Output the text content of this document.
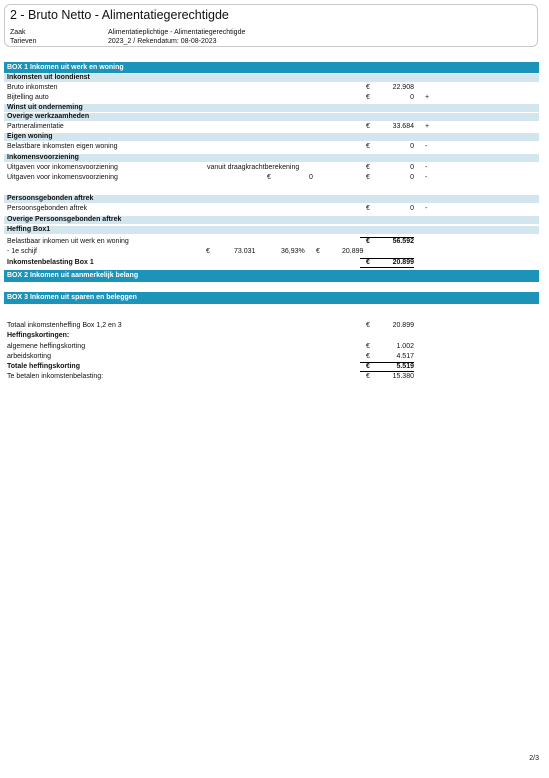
2 - Bruto Netto - Alimentatiegerechtigde
Zaak	Alimentatieplichtige - Alimentatiegerechtigde
Tarieven	2023_2 / Rekendatum: 08-08-2023
BOX 1 Inkomen uit werk en woning
Inkomsten uit loondienst
Bruto inkomsten	€	22.908
Bijtelling auto	€	0 +
Winst uit onderneming
Overige werkzaamheden
Partneralimentatie	€	33.684 +
Eigen woning
Belastbare inkomsten eigen woning	€	0 -
Inkomensvoorziening
Uitgaven voor inkomensvoorziening	vanuit draagkrachtberekening	€	0 -
Uitgaven voor inkomensvoorziening	€	0	€	0 -
Persoonsgebonden aftrek
Persoonsgebonden aftrek	€	0 -
Overige Persoonsgebonden aftrek
Heffing Box1
Belastbaar inkomen uit werk en woning	€	56.592
- 1e schijf	€	73.031	36,93% €	20.899
Inkomstenbelasting Box 1	€	20.899
BOX 2 Inkomen uit aanmerkelijk belang
BOX 3 Inkomen uit sparen en beleggen
Totaal inkomstenheffing Box 1,2 en 3	€	20.899
Heffingskortingen:
algemene heffingskorting	€	1.002
arbeidskorting	€	4.517
Totale heffingskorting	€	5.519
Te betalen inkomstenbelasting:	€	15.380
2/3
